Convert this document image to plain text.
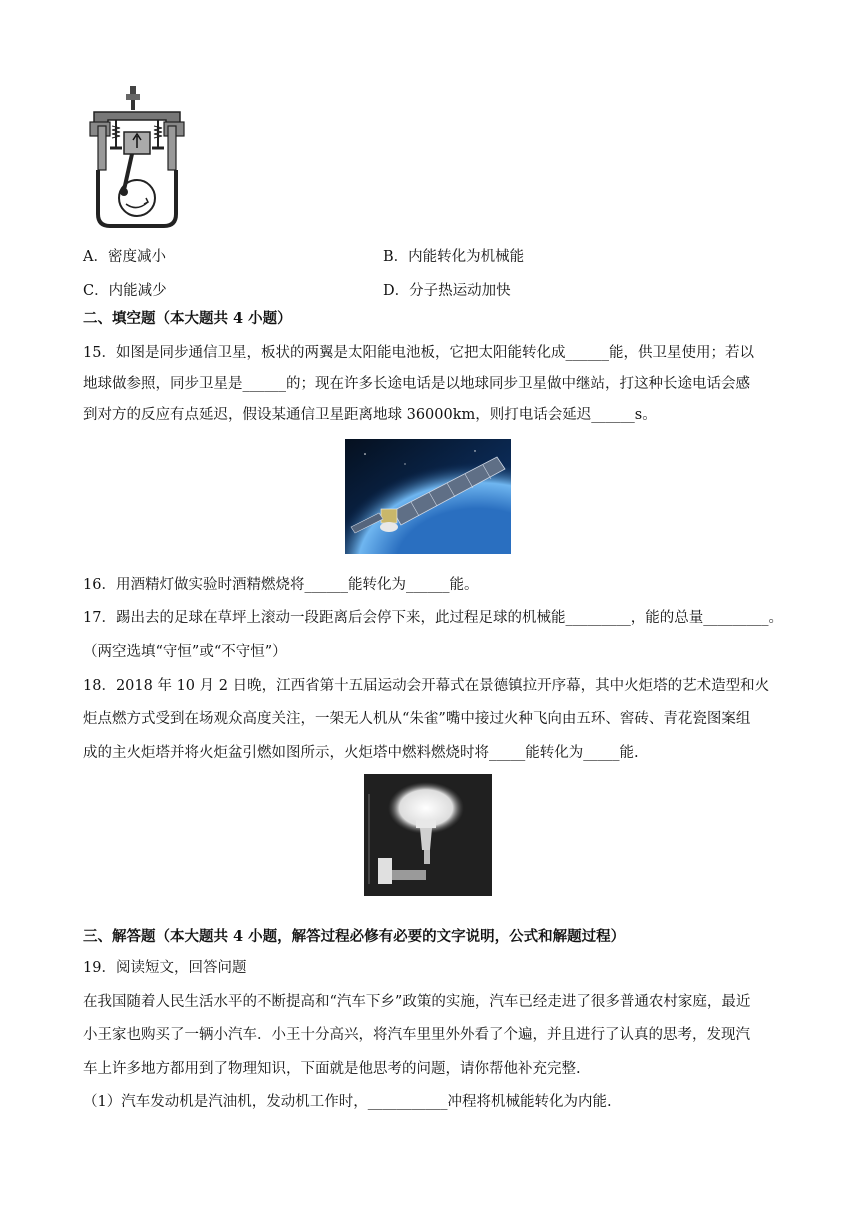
A．密度减小	B．内能转化为机械能
C．内能减少	D．分子热运动加快
二、填空题（本大题共 4 小题）
15．如图是同步通信卫星，板状的两翼是太阳能电池板，它把太阳能转化成______能，供卫星使用；若以
地球做参照，同步卫星是______的；现在许多长途电话是以地球同步卫星做中继站，打这种长途电话会感
到对方的反应有点延迟，假设某通信卫星距离地球 36000km，则打电话会延迟______s。
16．用酒精灯做实验时酒精燃烧将______能转化为______能。
17．踢出去的足球在草坪上滚动一段距离后会停下来，此过程足球的机械能_________，能的总量_________。
（两空选填“守恒”或“不守恒”）
18．2018 年 10 月 2 日晚，江西省第十五届运动会开幕式在景德镇拉开序幕，其中火炬塔的艺术造型和火
炬点燃方式受到在场观众高度关注，一架无人机从“朱雀”嘴中接过火种飞向由五环、窖砖、青花瓷图案组
成的主火炬塔并将火炬盆引燃如图所示，火炬塔中燃料燃烧时将_____能转化为_____能.
三、解答题（本大题共 4 小题，解答过程必修有必要的文字说明，公式和解题过程）
19．阅读短文，回答问题
在我国随着人民生活水平的不断提高和“汽车下乡”政策的实施，汽车已经走进了很多普通农村家庭，最近
小王家也购买了一辆小汽车．小王十分高兴，将汽车里里外外看了个遍，并且进行了认真的思考，发现汽
车上许多地方都用到了物理知识，下面就是他思考的问题，请你帮他补充完整.
（1）汽车发动机是汽油机，发动机工作时，___________冲程将机械能转化为内能.
